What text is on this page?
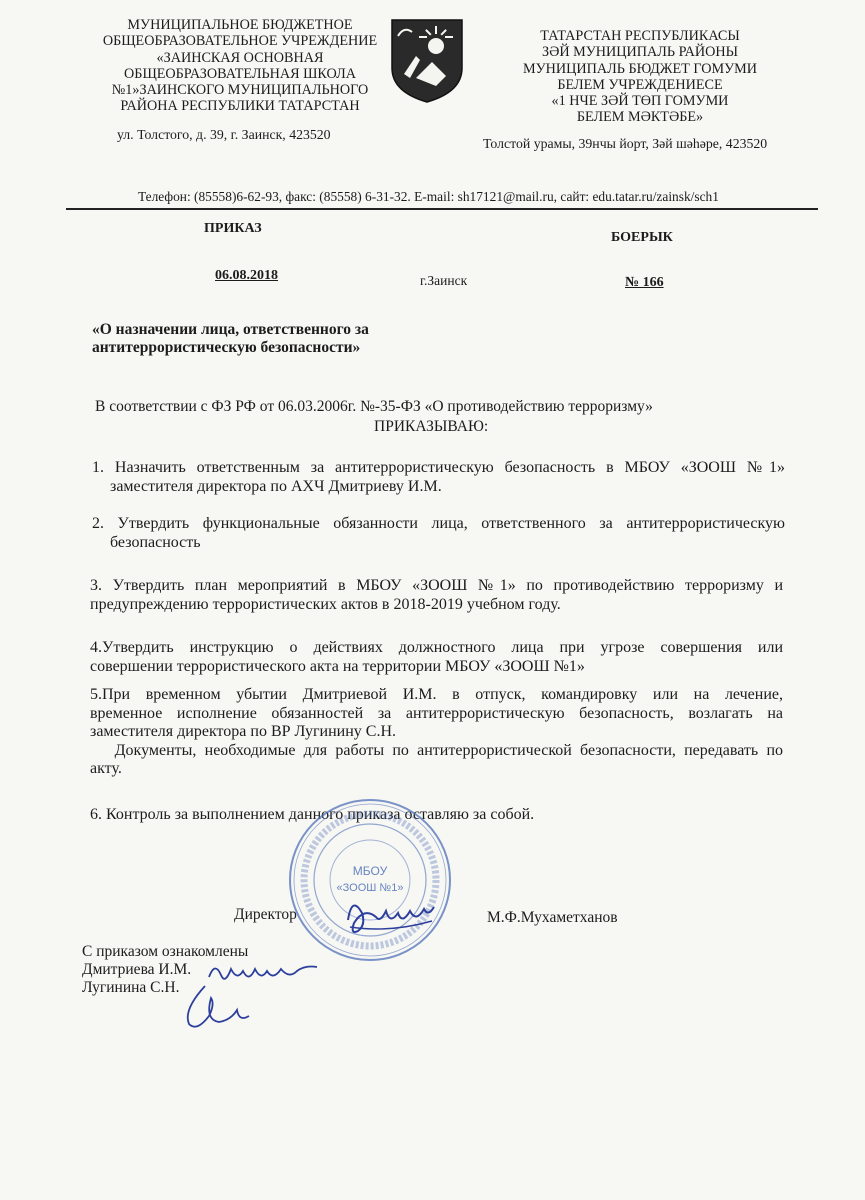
МУНИЦИПАЛЬНОЕ БЮДЖЕТНОЕ
ОБЩЕОБРАЗОВАТЕЛЬНОЕ УЧРЕЖДЕНИЕ
«ЗАИНСКАЯ ОСНОВНАЯ
ОБЩЕОБРАЗОВАТЕЛЬНАЯ ШКОЛА
№1»ЗАИНСКОГО МУНИЦИПАЛЬНОГО
РАЙОНА РЕСПУБЛИКИ ТАТАРСТАН
ТАТАРСТАН РЕСПУБЛИКАСЫ
ЗӘЙ МУНИЦИПАЛЬ РАЙОНЫ
МУНИЦИПАЛЬ БЮДЖЕТ ГОМУМИ
БЕЛЕМ УЧРЕЖДЕНИЕСЕ
«1 НЧЕ ЗӘЙ ТӨП ГОМУМИ
БЕЛЕМ МӘКТӘБЕ»
ул. Толстого, д. 39, г. Заинск, 423520
Толстой урамы, 39нчы йорт, Зәй шәһәре, 423520
Телефон: (85558)6-62-93, факс: (85558) 6-31-32. E-mail: sh17121@mail.ru, сайт: edu.tatar.ru/zainsk/sch1
ПРИКАЗ
БОЕРЫК
06.08.2018	г.Заинск	№ 166
«О назначении лица, ответственного за
антитеррористическую безопасности»
В соответствии с ФЗ РФ от 06.03.2006г. №-35-ФЗ «О противодействию терроризму»
ПРИКАЗЫВАЮ:
1. Назначить ответственным за антитеррористическую безопасность в МБОУ «ЗООШ №1»
заместителя директора по АХЧ Дмитриеву И.М.
2. Утвердить функциональные обязанности лица, ответственного за антитеррористическую
безопасность
3. Утвердить план мероприятий в МБОУ «ЗООШ №1» по противодействию терроризму и
предупреждению террористических актов в 2018-2019 учебном году.
4.Утвердить инструкцию о действиях должностного лица при угрозе совершения или
совершении террористического акта на территории МБОУ «ЗООШ №1»
5.При временном убытии Дмитриевой И.М. в отпуск, командировку или на лечение,
временное исполнение обязанностей за антитеррористическую безопасность, возлагать на
заместителя директора по ВР Лугинину С.Н.
Документы, необходимые для работы по антитеррористической безопасности, передавать по
акту.
6. Контроль за выполнением данного приказа оставляю за собой.
МБОУ
«ЗООШ №1»
Директор	М.Ф.Мухаметханов
С приказом ознакомлены
Дмитриева И.М.
Лугинина С.Н.
